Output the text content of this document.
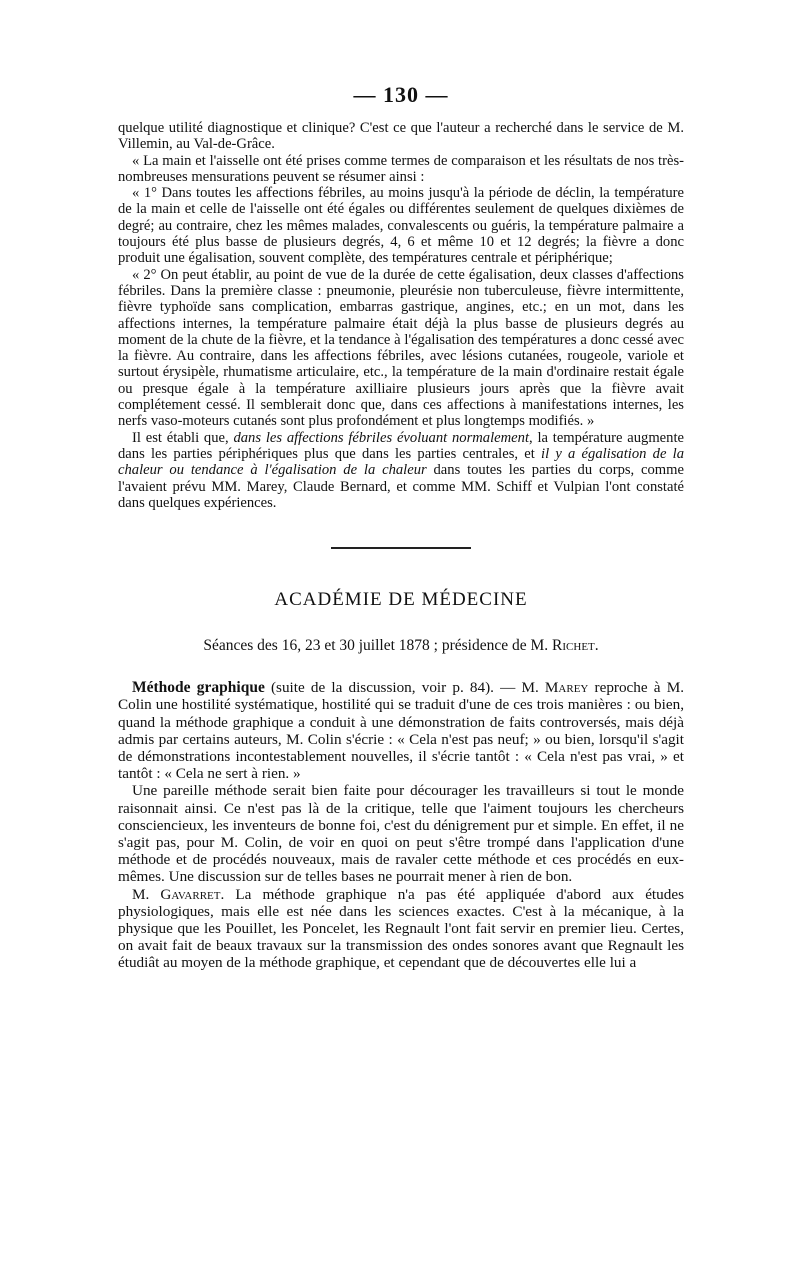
— 130 —

quelque utilité diagnostique et clinique? C'est ce que l'auteur a recherché dans le service de M. Villemin, au Val-de-Grâce.

« La main et l'aisselle ont été prises comme termes de comparaison et les résultats de nos très-nombreuses mensurations peuvent se résumer ainsi :

« 1° Dans toutes les affections fébriles, au moins jusqu'à la période de déclin, la température de la main et celle de l'aisselle ont été égales ou différentes seulement de quelques dixièmes de degré; au contraire, chez les mêmes malades, convalescents ou guéris, la température palmaire a toujours été plus basse de plusieurs degrés, 4, 6 et même 10 et 12 degrés; la fièvre a donc produit une égalisation, souvent complète, des températures centrale et périphérique;

« 2° On peut établir, au point de vue de la durée de cette égalisation, deux classes d'affections fébriles. Dans la première classe : pneumonie, pleurésie non tuberculeuse, fièvre intermittente, fièvre typhoïde sans complication, embarras gastrique, angines, etc.; en un mot, dans les affections internes, la température palmaire était déjà la plus basse de plusieurs degrés au moment de la chute de la fièvre, et la tendance à l'égalisation des températures a donc cessé avec la fièvre. Au contraire, dans les affections fébriles, avec lésions cutanées, rougeole, variole et surtout érysipèle, rhumatisme articulaire, etc., la température de la main d'ordinaire restait égale ou presque égale à la température axilliaire plusieurs jours après que la fièvre avait complétement cessé. Il semblerait donc que, dans ces affections à manifestations internes, les nerfs vaso-moteurs cutanés sont plus profondément et plus longtemps modifiés. »

Il est établi que, dans les affections fébriles évoluant normalement, la température augmente dans les parties périphériques plus que dans les parties centrales, et il y a égalisation de la chaleur ou tendance à l'égalisation de la chaleur dans toutes les parties du corps, comme l'avaient prévu MM. Marey, Claude Bernard, et comme MM. Schiff et Vulpian l'ont constaté dans quelques expériences.

ACADÉMIE DE MÉDECINE
Séances des 16, 23 et 30 juillet 1878 ; présidence de M. Richet.

Méthode graphique (suite de la discussion, voir p. 84). — M. Marey reproche à M. Colin une hostilité systématique, hostilité qui se traduit d'une de ces trois manières : ou bien, quand la méthode graphique a conduit à une démonstration de faits controversés, mais déjà admis par certains auteurs, M. Colin s'écrie : « Cela n'est pas neuf; » ou bien, lorsqu'il s'agit de démonstrations incontestablement nouvelles, il s'écrie tantôt : « Cela n'est pas vrai, » et tantôt : « Cela ne sert à rien. »

Une pareille méthode serait bien faite pour décourager les travailleurs si tout le monde raisonnait ainsi. Ce n'est pas là de la critique, telle que l'aiment toujours les chercheurs consciencieux, les inventeurs de bonne foi, c'est du dénigrement pur et simple. En effet, il ne s'agit pas, pour M. Colin, de voir en quoi on peut s'être trompé dans l'application d'une méthode et de procédés nouveaux, mais de ravaler cette méthode et ces procédés en eux-mêmes. Une discussion sur de telles bases ne pourrait mener à rien de bon.

M. Gavarret. La méthode graphique n'a pas été appliquée d'abord aux études physiologiques, mais elle est née dans les sciences exactes. C'est à la mécanique, à la physique que les Pouillet, les Poncelet, les Regnault l'ont fait servir en premier lieu. Certes, on avait fait de beaux travaux sur la transmission des ondes sonores avant que Regnault les étudiât au moyen de la méthode graphique, et cependant que de découvertes elle lui a
